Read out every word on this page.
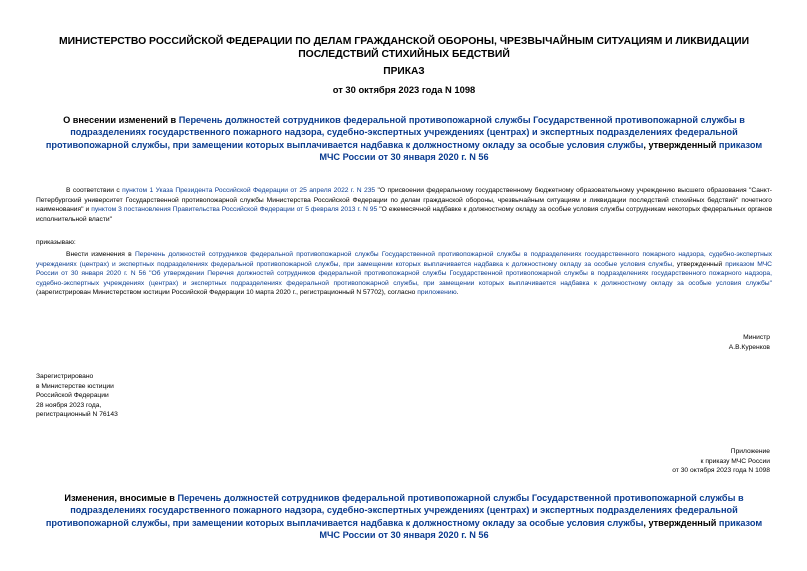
МИНИСТЕРСТВО РОССИЙСКОЙ ФЕДЕРАЦИИ ПО ДЕЛАМ ГРАЖДАНСКОЙ ОБОРОНЫ, ЧРЕЗВЫЧАЙНЫМ СИТУАЦИЯМ И ЛИКВИДАЦИИ ПОСЛЕДСТВИЙ СТИХИЙНЫХ БЕДСТВИЙ
ПРИКАЗ
от 30 октября 2023 года N 1098
О внесении изменений в Перечень должностей сотрудников федеральной противопожарной службы Государственной противопожарной службы в подразделениях государственного пожарного надзора, судебно-экспертных учреждениях (центрах) и экспертных подразделениях федеральной противопожарной службы, при замещении которых выплачивается надбавка к должностному окладу за особые условия службы, утвержденный приказом МЧС России от 30 января 2020 г. N 56
В соответствии с пунктом 1 Указа Президента Российской Федерации от 25 апреля 2022 г. N 235 "О присвоении федеральному государственному бюджетному образовательному учреждению высшего образования "Санкт-Петербургский университет Государственной противопожарной службы Министерства Российской Федерации по делам гражданской обороны, чрезвычайным ситуациям и ликвидации последствий стихийных бедствий" почетного наименования" и пунктом 3 постановления Правительства Российской Федерации от 5 февраля 2013 г. N 95 "О ежемесячной надбавке к должностному окладу за особые условия службы сотрудникам некоторых федеральных органов исполнительной власти"
приказываю:
Внести изменения в Перечень должностей сотрудников федеральной противопожарной службы Государственной противопожарной службы в подразделениях государственного пожарного надзора, судебно-экспертных учреждениях (центрах) и экспертных подразделениях федеральной противопожарной службы, при замещении которых выплачивается надбавка к должностному окладу за особые условия службы, утвержденный приказом МЧС России от 30 января 2020 г. N 56 "Об утверждении Перечня должностей сотрудников федеральной противопожарной службы Государственной противопожарной службы в подразделениях государственного пожарного надзора, судебно-экспертных учреждениях (центрах) и экспертных подразделениях федеральной противопожарной службы, при замещении которых выплачивается надбавка к должностному окладу за особые условия службы" (зарегистрирован Министерством юстиции Российской Федерации 10 марта 2020 г., регистрационный N 57702), согласно приложению.
Министр
А.В.Куренков
Зарегистрировано
в Министерстве юстиции
Российской Федерации
28 ноября 2023 года,
регистрационный N 76143
Приложение
к приказу МЧС России
от 30 октября 2023 года N 1098
Изменения, вносимые в Перечень должностей сотрудников федеральной противопожарной службы Государственной противопожарной службы в подразделениях государственного пожарного надзора, судебно-экспертных учреждениях (центрах) и экспертных подразделениях федеральной противопожарной службы, при замещении которых выплачивается надбавка к должностному окладу за особые условия службы, утвержденный приказом МЧС России от 30 января 2020 г. N 56
